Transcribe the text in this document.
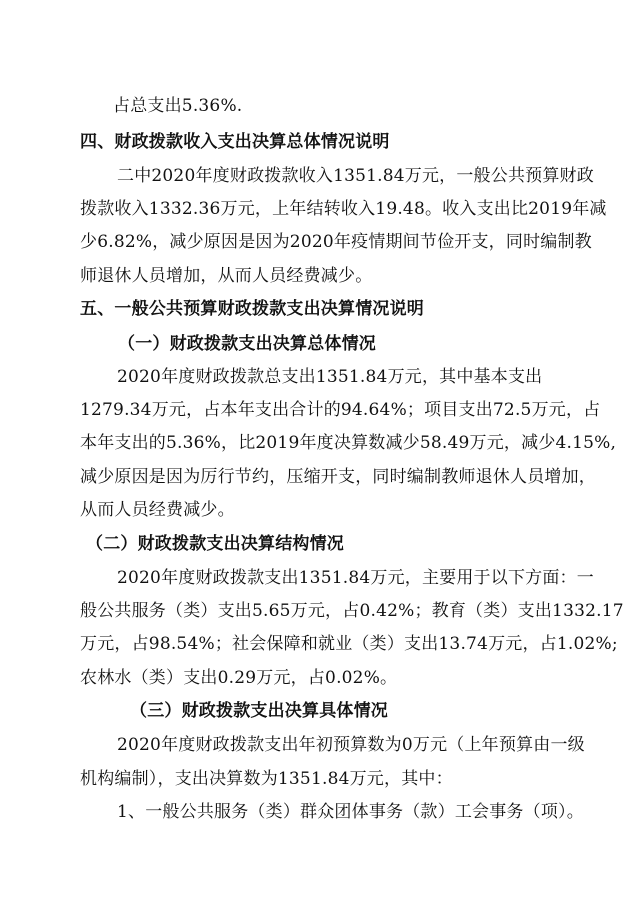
占总支出5.36%.
四、财政拨款收入支出决算总体情况说明
二中2020年度财政拨款收入1351.84万元，一般公共预算财政
拨款收入1332.36万元，上年结转收入19.48。收入支出比2019年减
少6.82%，减少原因是因为2020年疫情期间节俭开支，同时编制教
师退休人员增加，从而人员经费减少。
五、一般公共预算财政拨款支出决算情况说明
（一）财政拨款支出决算总体情况
2020年度财政拨款总支出1351.84万元，其中基本支出
1279.34万元，占本年支出合计的94.64%；项目支出72.5万元，占
本年支出的5.36%，比2019年度决算数减少58.49万元，减少4.15%,
减少原因是因为厉行节约，压缩开支，同时编制教师退休人员增加，
从而人员经费减少。
（二）财政拨款支出决算结构情况
2020年度财政拨款支出1351.84万元，主要用于以下方面：一
般公共服务（类）支出5.65万元，占0.42%；教育（类）支出1332.17
万元，占98.54%；社会保障和就业（类）支出13.74万元，占1.02%;
农林水（类）支出0.29万元，占0.02%。
（三）财政拨款支出决算具体情况
2020年度财政拨款支出年初预算数为0万元（上年预算由一级
机构编制），支出决算数为1351.84万元，其中：
1、一般公共服务（类）群众团体事务（款）工会事务（项）。
